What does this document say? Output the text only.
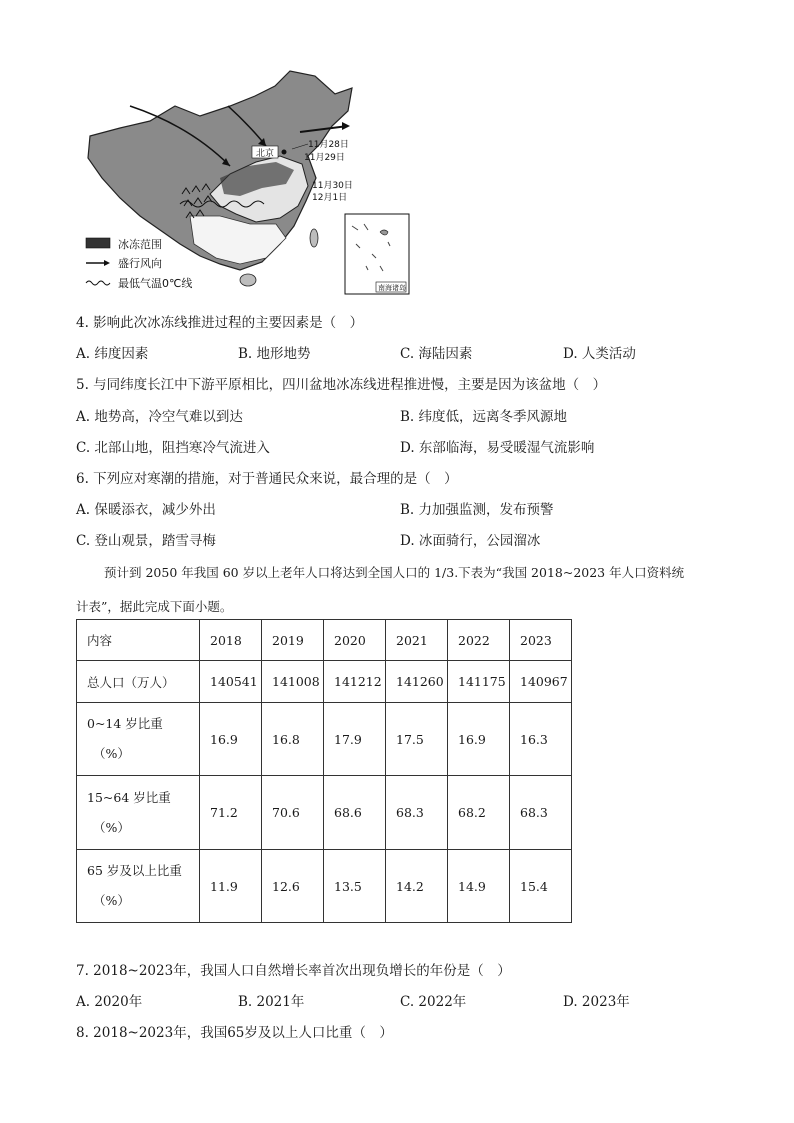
北京
11月28日
11月29日
11月30日
12月1日
冰冻范围
盛行风向
最低气温0℃线	南海诸岛
4. 影响此次冰冻线推进过程的主要因素是（　）
A. 纬度因素	B. 地形地势	C. 海陆因素	D. 人类活动
5. 与同纬度长江中下游平原相比，四川盆地冰冻线进程推进慢，主要是因为该盆地（　）
A. 地势高，冷空气难以到达	B. 纬度低，远离冬季风源地
C. 北部山地，阻挡寒冷气流进入	D. 东部临海，易受暖湿气流影响
6. 下列应对寒潮的措施，对于普通民众来说，最合理的是（　）
A. 保暖添衣，减少外出	B. 力加强监测，发布预警
C. 登山观景，踏雪寻梅	D. 冰面骑行，公园溜冰
预计到 2050 年我国 60 岁以上老年人口将达到全国人口的 1/3.下表为“我国 2018~2023 年人口资料统
计表”，据此完成下面小题。
内容	2018	2019	2020	2021	2022	2023
总人口（万人）	140541	141008	141212	141260	141175	140967

0~14 岁比重
（%）	16.9	16.8	17.9	17.5	16.9	16.3

15~64 岁比重
（%）	71.2	70.6	68.6	68.3	68.2	68.3

65 岁及以上比重
（%）	11.9	12.6	13.5	14.2	14.9	15.4
7. 2018~2023年，我国人口自然增长率首次出现负增长的年份是（　）
A. 2020年	B. 2021年	C. 2022年	D. 2023年
8. 2018~2023年，我国65岁及以上人口比重（　）
